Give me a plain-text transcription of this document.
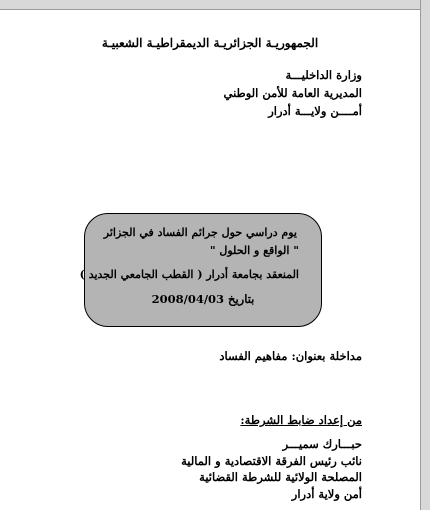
الجمهوريـة الجزائريـة الديمقراطيـة الشعبيـة
وزارة الداخليـــة
المديرية العامة للأمن الوطني
أمــــن ولايـــة أدرار
يوم دراسي حول جرائم الفساد في الجزائر
" الواقع و الحلول "
المنعقد بجامعة أدرار ( القطب الجامعي الجديد )
بتاريخ 2008/04/03
مداخلة بعنوان: مفاهيم الفساد
من إعداد ضابط الشرطة:
حبـــارك سميـــر
نائب رئيس الفرقة الاقتصادية و المالية
المصلحة الولائية للشرطة القضائية
أمن ولاية أدرار
